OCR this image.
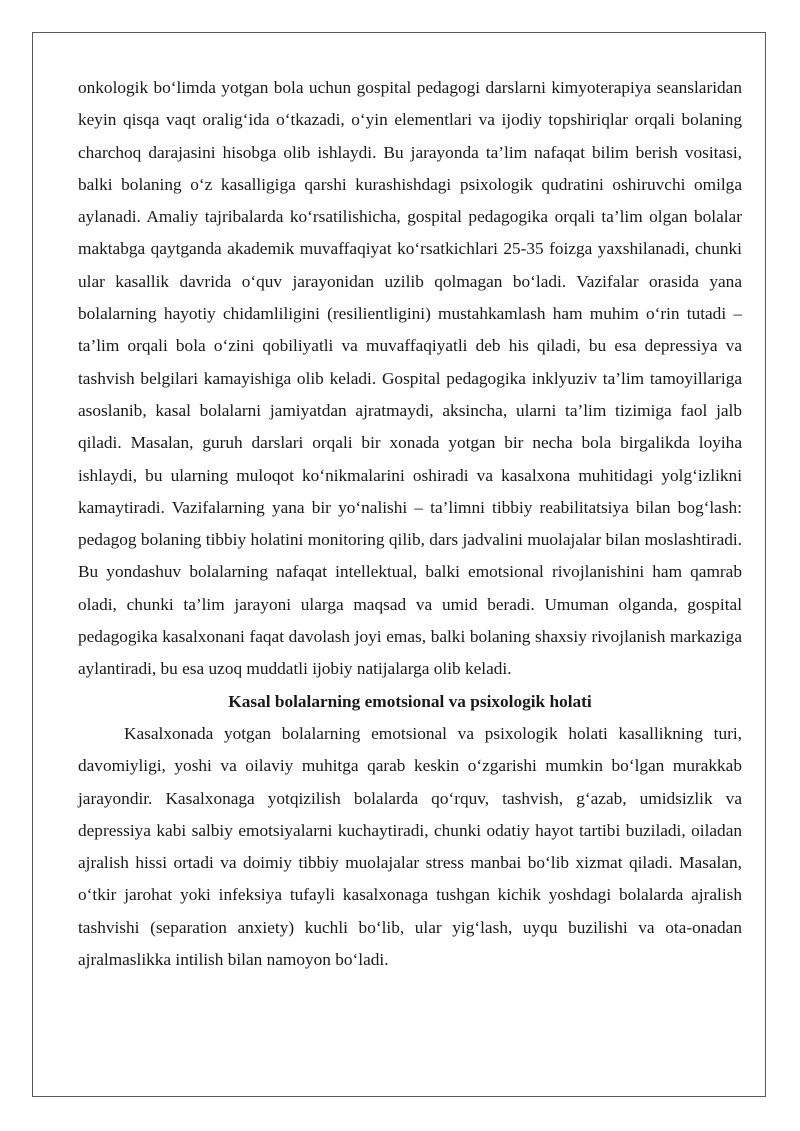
onkologik bo‘limda yotgan bola uchun gospital pedagogi darslarni kimyoterapiya seanslaridan keyin qisqa vaqt oralig‘ida o‘tkazadi, o‘yin elementlari va ijodiy topshiriqlar orqali bolaning charchoq darajasini hisobga olib ishlaydi. Bu jarayonda ta’lim nafaqat bilim berish vositasi, balki bolaning o‘z kasalligiga qarshi kurashishdagi psixologik qudratini oshiruvchi omilga aylanadi. Amaliy tajribalarda ko‘rsatilishicha, gospital pedagogika orqali ta’lim olgan bolalar maktabga qaytganda akademik muvaffaqiyat ko‘rsatkichlari 25-35 foizga yaxshilanadi, chunki ular kasallik davrida o‘quv jarayonidan uzilib qolmagan bo‘ladi. Vazifalar orasida yana bolalarning hayotiy chidamliligini (resilientligini) mustahkamlash ham muhim o‘rin tutadi – ta’lim orqali bola o‘zini qobiliyatli va muvaffaqiyatli deb his qiladi, bu esa depressiya va tashvish belgilari kamayishiga olib keladi. Gospital pedagogika inklyuziv ta’lim tamoyillariga asoslanib, kasal bolalarni jamiyatdan ajratmaydi, aksincha, ularni ta’lim tizimiga faol jalb qiladi. Masalan, guruh darslari orqali bir xonada yotgan bir necha bola birgalikda loyiha ishlaydi, bu ularning muloqot ko‘nikmalarini oshiradi va kasalxona muhitidagi yolg‘izlikni kamaytiradi. Vazifalarning yana bir yo‘nalishi – ta’limni tibbiy reabilitatsiya bilan bog‘lash: pedagog bolaning tibbiy holatini monitoring qilib, dars jadvalini muolajalar bilan moslashtiradi. Bu yondashuv bolalarning nafaqat intellektual, balki emotsional rivojlanishini ham qamrab oladi, chunki ta’lim jarayoni ularga maqsad va umid beradi. Umuman olganda, gospital pedagogika kasalxonani faqat davolash joyi emas, balki bolaning shaxsiy rivojlanish markaziga aylantiradi, bu esa uzoq muddatli ijobiy natijalarga olib keladi.

Kasal bolalarning emotsional va psixologik holati

Kasalxonada yotgan bolalarning emotsional va psixologik holati kasallikning turi, davomiyligi, yoshi va oilaviy muhitga qarab keskin o‘zgarishi mumkin bo‘lgan murakkab jarayondir. Kasalxonaga yotqizilish bolalarda qo‘rquv, tashvish, g‘azab, umidsizlik va depressiya kabi salbiy emotsiyalarni kuchaytiradi, chunki odatiy hayot tartibi buziladi, oiladan ajralish hissi ortadi va doimiy tibbiy muolajalar stress manbai bo‘lib xizmat qiladi. Masalan, o‘tkir jarohat yoki infeksiya tufayli kasalxonaga tushgan kichik yoshdagi bolalarda ajralish tashvishi (separation anxiety) kuchli bo‘lib, ular yig‘lash, uyqu buzilishi va ota-onadan ajralmaslikka intilish bilan namoyon bo‘ladi.
